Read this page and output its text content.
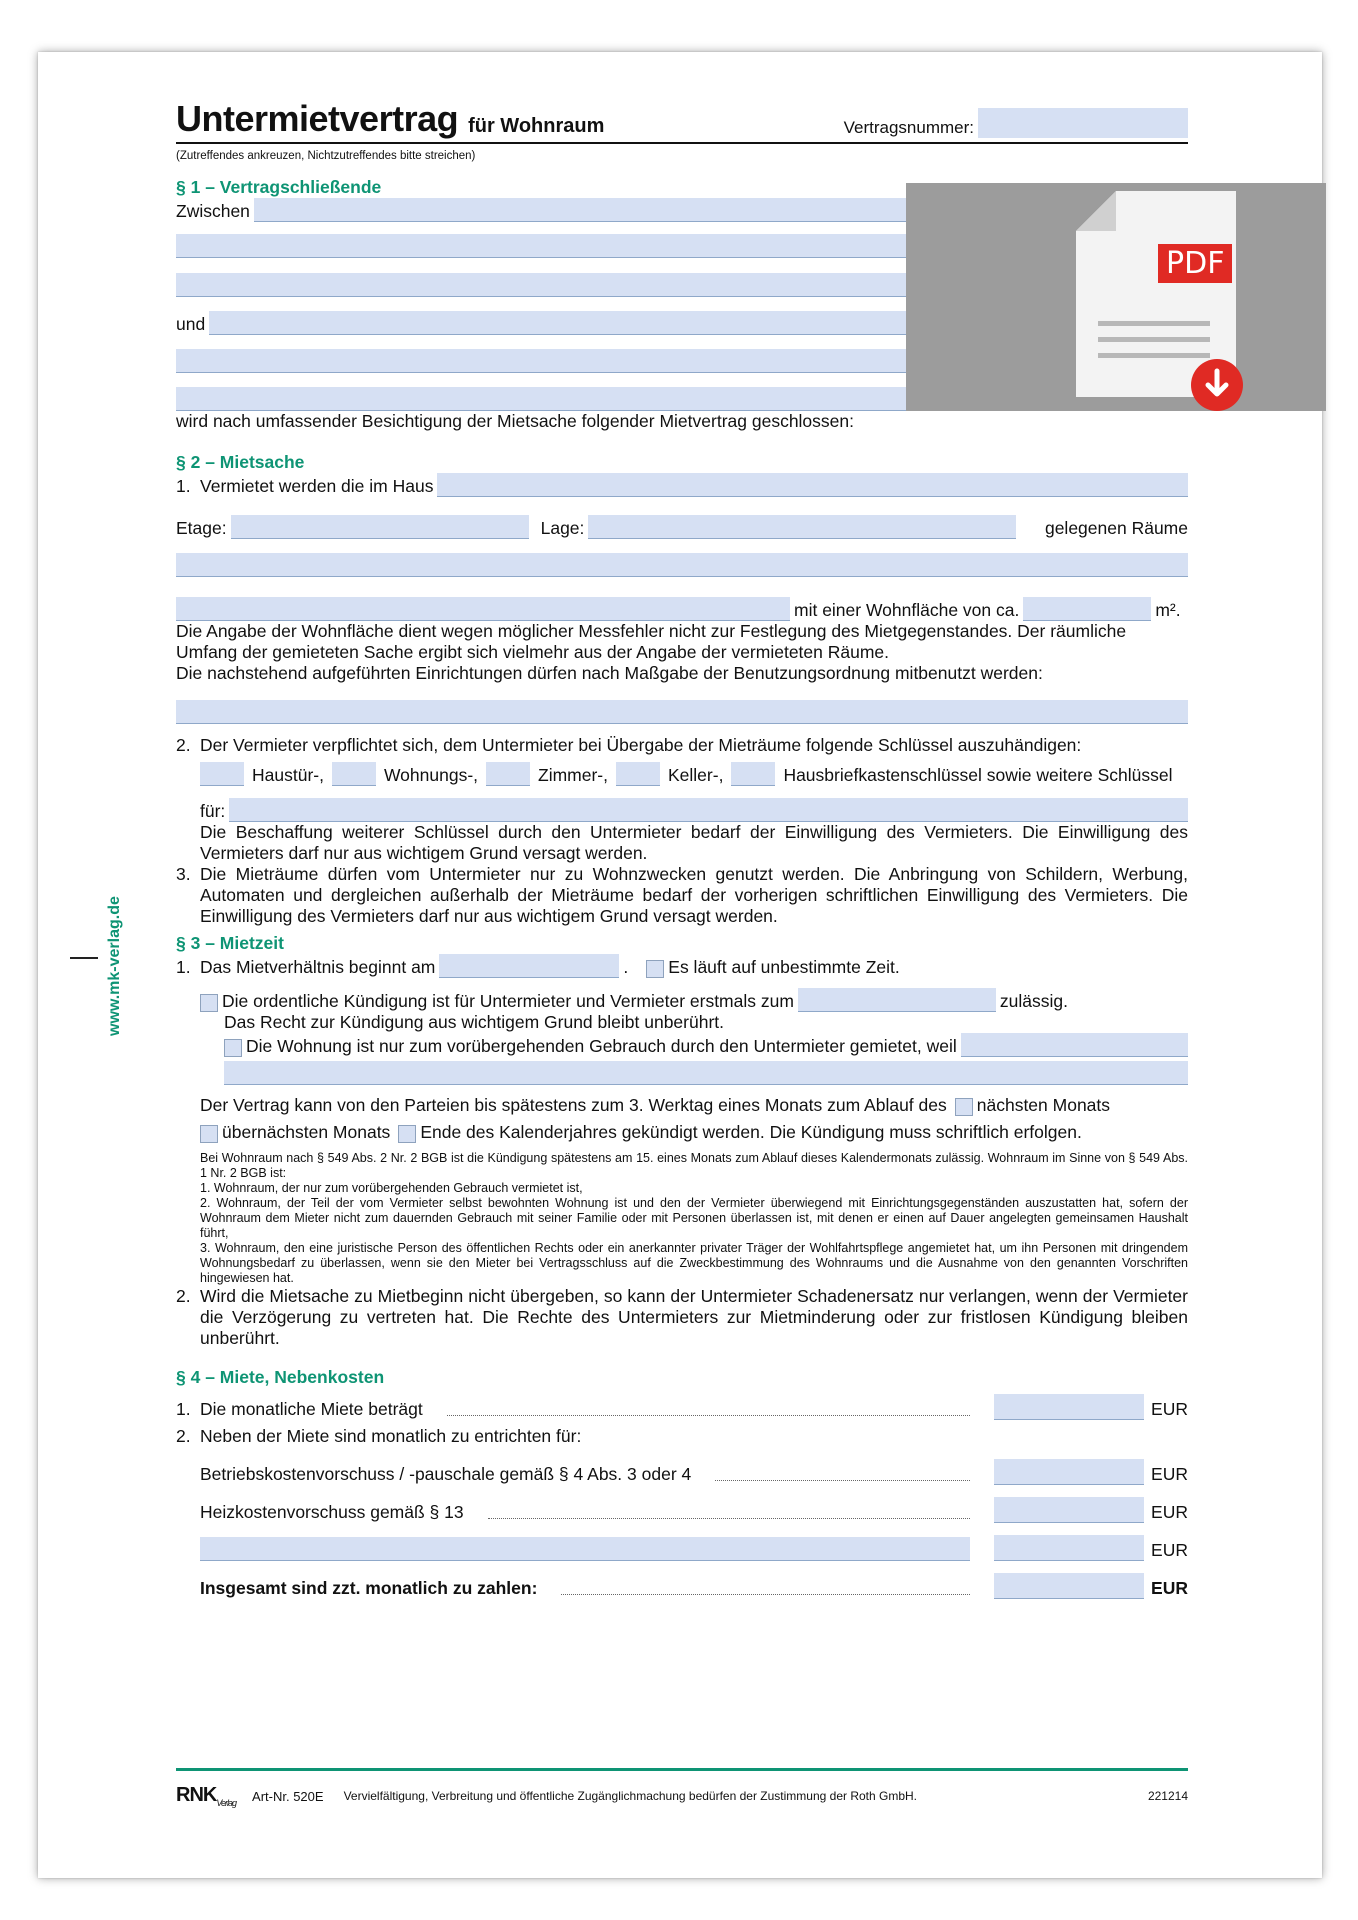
www.mk-verlag.de
Untermietvertrag für Wohnraum	Vertragsnummer:
(Zutreffendes ankreuzen, Nichtzutreffendes bitte streichen)
§ 1 – Vertragschließende
Zwischen
und
wird nach umfassender Besichtigung der Mietsache folgender Mietvertrag geschlossen:
§ 2 – Mietsache
1. Vermietet werden die im Haus
Etage:	Lage:	gelegenen Räume
mit einer Wohnfläche von ca.	m².
Die Angabe der Wohnfläche dient wegen möglicher Messfehler nicht zur Festlegung des Mietgegenstandes. Der räumliche Umfang der gemieteten Sache ergibt sich vielmehr aus der Angabe der vermieteten Räume.
Die nachstehend aufgeführten Einrichtungen dürfen nach Maßgabe der Benutzungsordnung mitbenutzt werden:
2. Der Vermieter verpflichtet sich, dem Untermieter bei Übergabe der Mieträume folgende Schlüssel auszuhändigen:
Haustür-,	Wohnungs-,	Zimmer-,	Keller-,	Hausbriefkastenschlüssel sowie weitere Schlüssel
für:
Die Beschaffung weiterer Schlüssel durch den Untermieter bedarf der Einwilligung des Vermieters. Die Einwilligung des Vermieters darf nur aus wichtigem Grund versagt werden.
3. Die Mieträume dürfen vom Untermieter nur zu Wohnzwecken genutzt werden. Die Anbringung von Schildern, Werbung, Automaten und dergleichen außerhalb der Mieträume bedarf der vorherigen schriftlichen Einwilligung des Vermieters. Die Einwilligung des Vermieters darf nur aus wichtigem Grund versagt werden.
§ 3 – Mietzeit
1. Das Mietverhältnis beginnt am	. Es läuft auf unbestimmte Zeit.
Die ordentliche Kündigung ist für Untermieter und Vermieter erstmals zum	zulässig.
Das Recht zur Kündigung aus wichtigem Grund bleibt unberührt.
Die Wohnung ist nur zum vorübergehenden Gebrauch durch den Untermieter gemietet, weil
Der Vertrag kann von den Parteien bis spätestens zum 3. Werktag eines Monats zum Ablauf des nächsten Monats
übernächsten Monats Ende des Kalenderjahres gekündigt werden. Die Kündigung muss schriftlich erfolgen.
Bei Wohnraum nach § 549 Abs. 2 Nr. 2 BGB ist die Kündigung spätestens am 15. eines Monats zum Ablauf dieses Kalendermonats zulässig. Wohnraum im Sinne von § 549 Abs. 1 Nr. 2 BGB ist:
1. Wohnraum, der nur zum vorübergehenden Gebrauch vermietet ist,
2. Wohnraum, der Teil der vom Vermieter selbst bewohnten Wohnung ist und den der Vermieter überwiegend mit Einrichtungsgegenständen auszustatten hat, sofern der Wohnraum dem Mieter nicht zum dauernden Gebrauch mit seiner Familie oder mit Personen überlassen ist, mit denen er einen auf Dauer angelegten gemeinsamen Haushalt führt,
3. Wohnraum, den eine juristische Person des öffentlichen Rechts oder ein anerkannter privater Träger der Wohlfahrtspflege angemietet hat, um ihn Personen mit dringendem Wohnungsbedarf zu überlassen, wenn sie den Mieter bei Vertragsschluss auf die Zweckbestimmung des Wohnraums und die Ausnahme von den genannten Vorschriften hingewiesen hat.
2. Wird die Mietsache zu Mietbeginn nicht übergeben, so kann der Untermieter Schadenersatz nur verlangen, wenn der Vermieter die Verzögerung zu vertreten hat. Die Rechte des Untermieters zur Mietminderung oder zur fristlosen Kündigung bleiben unberührt.
§ 4 – Miete, Nebenkosten
1. Die monatliche Miete beträgt	EUR
2. Neben der Miete sind monatlich zu entrichten für:
Betriebskostenvorschuss / -pauschale gemäß § 4 Abs. 3 oder 4	EUR
Heizkostenvorschuss gemäß § 13	EUR
EUR
Insgesamt sind zzt. monatlich zu zahlen:	EUR
$RNK_{Verlag}$ Art-Nr. 520E Vervielfältigung, Verbreitung und öffentliche Zugänglichmachung bedürfen der Zustimmung der Roth GmbH.	221214
PDF
